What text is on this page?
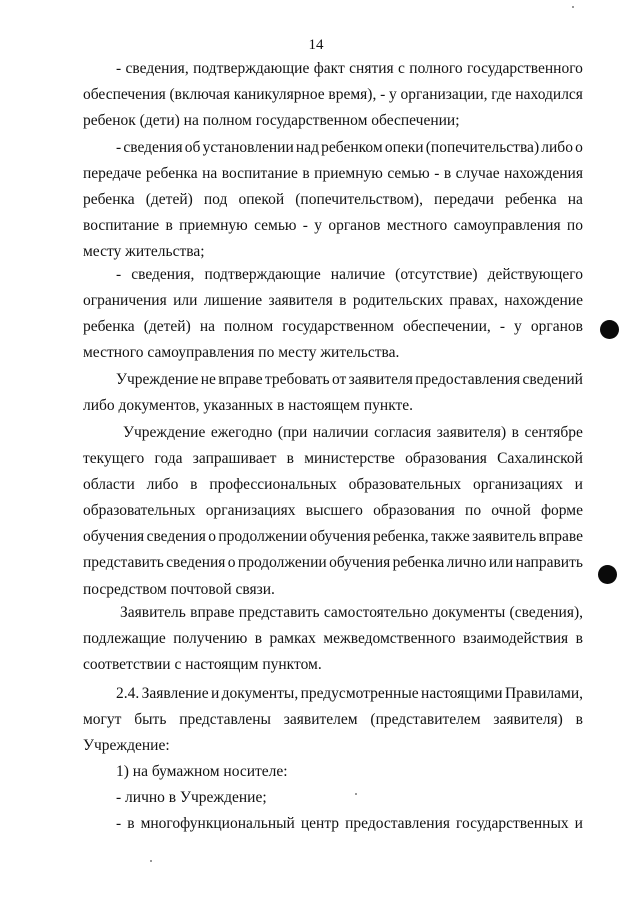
14
- сведения, подтверждающие факт снятия с полного государственного
обеспечения (включая каникулярное время), - у организации, где находился
ребенок (дети) на полном государственном обеспечении;
- сведения об установлении над ребенком опеки (попечительства) либо о
передаче ребенка на воспитание в приемную семью - в случае нахождения
ребенка (детей) под опекой (попечительством), передачи ребенка на
воспитание в приемную семью - у органов местного самоуправления по
месту жительства;
- сведения, подтверждающие наличие (отсутствие) действующего
ограничения или лишение заявителя в родительских правах, нахождение
ребенка (детей) на полном государственном обеспечении, - у органов
местного самоуправления по месту жительства.
Учреждение не вправе требовать от заявителя предоставления сведений
либо документов, указанных в настоящем пункте.
Учреждение ежегодно (при наличии согласия заявителя) в сентябре
текущего года запрашивает в министерстве образования Сахалинской
области либо в профессиональных образовательных организациях и
образовательных организациях высшего образования по очной форме
обучения сведения о продолжении обучения ребенка, также заявитель вправе
представить сведения о продолжении обучения ребенка лично или направить
посредством почтовой связи.
Заявитель вправе представить самостоятельно документы (сведения),
подлежащие получению в рамках межведомственного взаимодействия в
соответствии с настоящим пунктом.
2.4. Заявление и документы, предусмотренные настоящими Правилами,
могут быть представлены заявителем (представителем заявителя) в
Учреждение:
1) на бумажном носителе:
- лично в Учреждение;
- в многофункциональный центр предоставления государственных и
